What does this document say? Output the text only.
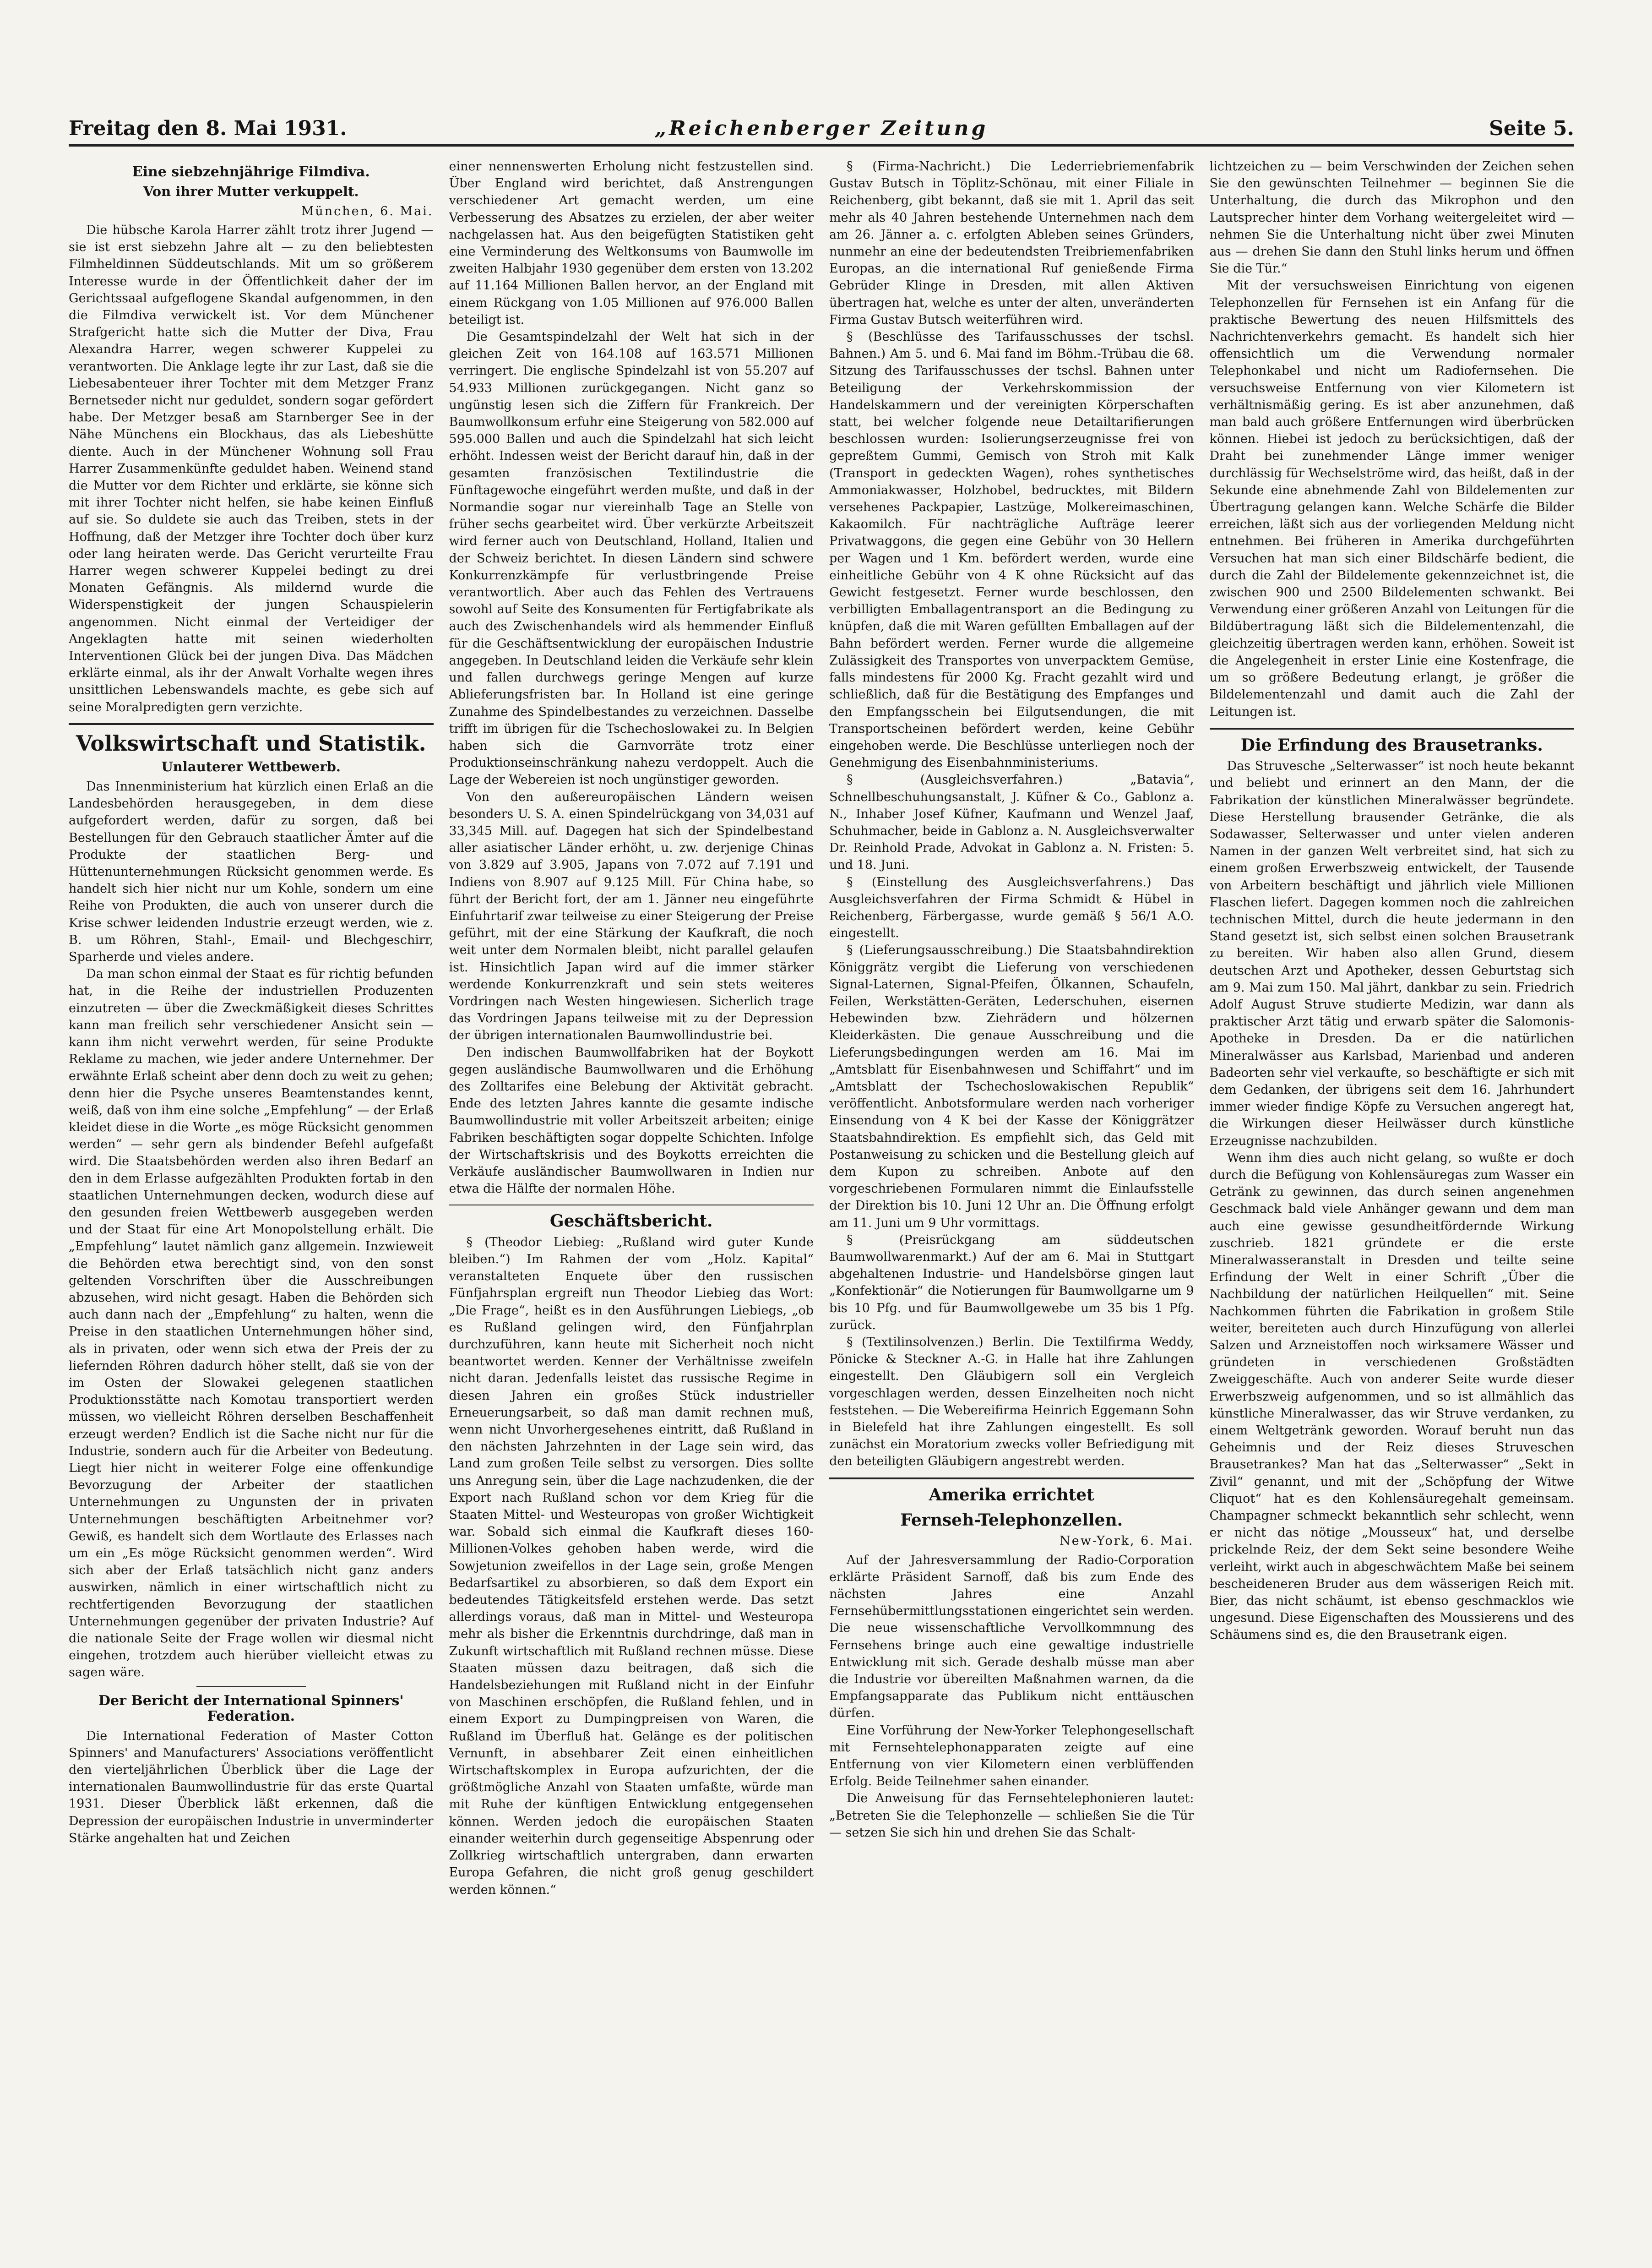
Freitag den 8. Mai 1931.	„Reichenberger Zeitung	Seite 5.
Eine siebzehnjährige Filmdiva.
Von ihrer Mutter verkuppelt.
München, 6. Mai.

Die hübsche Karola Harrer zählt trotz ihrer Jugend — sie ist erst siebzehn Jahre alt — zu den beliebtesten Filmheldinnen Süddeutschlands. Mit um so größerem Interesse wurde in der Öffentlichkeit daher der im Gerichtssaal aufgeflogene Skandal aufgenommen, in den die Filmdiva verwickelt ist. Vor dem Münchener Strafgericht hatte sich die Mutter der Diva, Frau Alexandra Harrer, wegen schwerer Kuppelei zu verantworten. Die Anklage legte ihr zur Last, daß sie die Liebesabenteuer ihrer Tochter mit dem Metzger Franz Bernetseder nicht nur geduldet, sondern sogar gefördert habe. Der Metzger besaß am Starnberger See in der Nähe Münchens ein Blockhaus, das als Liebeshütte diente. Auch in der Münchener Wohnung soll Frau Harrer Zusammenkünfte geduldet haben. Weinend stand die Mutter vor dem Richter und erklärte, sie könne sich mit ihrer Tochter nicht helfen, sie habe keinen Einfluß auf sie. So duldete sie auch das Treiben, stets in der Hoffnung, daß der Metzger ihre Tochter doch über kurz oder lang heiraten werde. Das Gericht verurteilte Frau Harrer wegen schwerer Kuppelei bedingt zu drei Monaten Gefängnis. Als mildernd wurde die Widerspenstigkeit der jungen Schauspielerin angenommen. Nicht einmal der Verteidiger der Angeklagten hatte mit seinen wiederholten Interventionen Glück bei der jungen Diva. Das Mädchen erklärte einmal, als ihr der Anwalt Vorhalte wegen ihres unsittlichen Lebenswandels machte, es gebe sich auf seine Moralpredigten gern verzichte.

Volkswirtschaft und Statistik.
Unlauterer Wettbewerb.

Das Innenministerium hat kürzlich einen Erlaß an die Landesbehörden herausgegeben, in dem diese aufgefordert werden, dafür zu sorgen, daß bei Bestellungen für den Gebrauch staatlicher Ämter auf die Produkte der staatlichen Berg- und Hüttenunternehmungen Rücksicht genommen werde. Es handelt sich hier nicht nur um Kohle, sondern um eine Reihe von Produkten, die auch von unserer durch die Krise schwer leidenden Industrie erzeugt werden, wie z. B. um Röhren, Stahl-, Email- und Blechgeschirr, Sparherde und vieles andere.

Da man schon einmal der Staat es für richtig befunden hat, in die Reihe der industriellen Produzenten einzutreten — über die Zweckmäßigkeit dieses Schrittes kann man freilich sehr verschiedener Ansicht sein — kann ihm nicht verwehrt werden, für seine Produkte Reklame zu machen, wie jeder andere Unternehmer. Der erwähnte Erlaß scheint aber denn doch zu weit zu gehen; denn hier die Psyche unseres Beamtenstandes kennt, weiß, daß von ihm eine solche „Empfehlung“ — der Erlaß kleidet diese in die Worte „es möge Rücksicht genommen werden“ — sehr gern als bindender Befehl aufgefaßt wird. Die Staatsbehörden werden also ihren Bedarf an den in dem Erlasse aufgezählten Produkten fortab in den staatlichen Unternehmungen decken, wodurch diese auf den gesunden freien Wettbewerb ausgegeben werden und der Staat für eine Art Monopolstellung erhält. Die „Empfehlung“ lautet nämlich ganz allgemein. Inzwieweit die Behörden etwa berechtigt sind, von den sonst geltenden Vorschriften über die Ausschreibungen abzusehen, wird nicht gesagt. Haben die Behörden sich auch dann nach der „Empfehlung“ zu halten, wenn die Preise in den staatlichen Unternehmungen höher sind, als in privaten, oder wenn sich etwa der Preis der zu liefernden Röhren dadurch höher stellt, daß sie von der im Osten der Slowakei gelegenen staatlichen Produktionsstätte nach Komotau transportiert werden müssen, wo vielleicht Röhren derselben Beschaffenheit erzeugt werden? Endlich ist die Sache nicht nur für die Industrie, sondern auch für die Arbeiter von Bedeutung. Liegt hier nicht in weiterer Folge eine offenkundige Bevorzugung der Arbeiter der staatlichen Unternehmungen zu Ungunsten der in privaten Unternehmungen beschäftigten Arbeitnehmer vor? Gewiß, es handelt sich dem Wortlaute des Erlasses nach um ein „Es möge Rücksicht genommen werden“. Wird sich aber der Erlaß tatsächlich nicht ganz anders auswirken, nämlich in einer wirtschaftlich nicht zu rechtfertigenden Bevorzugung der staatlichen Unternehmungen gegenüber der privaten Industrie? Auf die nationale Seite der Frage wollen wir diesmal nicht eingehen, trotzdem auch hierüber vielleicht etwas zu sagen wäre.

Der Bericht der International Spinners' Federation.

Die International Federation of Master Cotton Spinners' and Manufacturers' Associations veröffentlicht den vierteljährlichen Überblick über die Lage der internationalen Baumwollindustrie für das erste Quartal 1931. Dieser Überblick läßt erkennen, daß die Depression der europäischen Industrie in unverminderter Stärke angehalten hat und Zeichen

einer nennenswerten Erholung nicht festzustellen sind. Über England wird berichtet, daß Anstrengungen verschiedener Art gemacht werden, um eine Verbesserung des Absatzes zu erzielen, der aber weiter nachgelassen hat. Aus den beigefügten Statistiken geht eine Verminderung des Weltkonsums von Baumwolle im zweiten Halbjahr 1930 gegenüber dem ersten von 13.202 auf 11.164 Millionen Ballen hervor, an der England mit einem Rückgang von 1.05 Millionen auf 976.000 Ballen beteiligt ist.

Die Gesamtspindelzahl der Welt hat sich in der gleichen Zeit von 164.108 auf 163.571 Millionen verringert. Die englische Spindelzahl ist von 55.207 auf 54.933 Millionen zurückgegangen. Nicht ganz so ungünstig lesen sich die Ziffern für Frankreich. Der Baumwollkonsum erfuhr eine Steigerung von 582.000 auf 595.000 Ballen und auch die Spindelzahl hat sich leicht erhöht. Indessen weist der Bericht darauf hin, daß in der gesamten französischen Textilindustrie die Fünftagewoche eingeführt werden mußte, und daß in der Normandie sogar nur viereinhalb Tage an Stelle von früher sechs gearbeitet wird. Über verkürzte Arbeitszeit wird ferner auch von Deutschland, Holland, Italien und der Schweiz berichtet. In diesen Ländern sind schwere Konkurrenzkämpfe für verlustbringende Preise verantwortlich. Aber auch das Fehlen des Vertrauens sowohl auf Seite des Konsumenten für Fertigfabrikate als auch des Zwischenhandels wird als hemmender Einfluß für die Geschäftsentwicklung der europäischen Industrie angegeben. In Deutschland leiden die Verkäufe sehr klein und fallen durchwegs geringe Mengen auf kurze Ablieferungsfristen bar. In Holland ist eine geringe Zunahme des Spindelbestandes zu verzeichnen. Dasselbe trifft im übrigen für die Tschechoslowakei zu. In Belgien haben sich die Garnvorräte trotz einer Produktionseinschränkung nahezu verdoppelt. Auch die Lage der Webereien ist noch ungünstiger geworden.

Von den außereuropäischen Ländern weisen besonders U. S. A. einen Spindelrückgang von 34,031 auf 33,345 Mill. auf. Dagegen hat sich der Spindelbestand aller asiatischer Länder erhöht, u. zw. derjenige Chinas von 3.829 auf 3.905, Japans von 7.072 auf 7.191 und Indiens von 8.907 auf 9.125 Mill. Für China habe, so führt der Bericht fort, der am 1. Jänner neu eingeführte Einfuhrtarif zwar teilweise zu einer Steigerung der Preise geführt, mit der eine Stärkung der Kaufkraft, die noch weit unter dem Normalen bleibt, nicht parallel gelaufen ist. Hinsichtlich Japan wird auf die immer stärker werdende Konkurrenzkraft und sein stets weiteres Vordringen nach Westen hingewiesen. Sicherlich trage das Vordringen Japans teilweise mit zu der Depression der übrigen internationalen Baumwollindustrie bei.

Den indischen Baumwollfabriken hat der Boykott gegen ausländische Baumwollwaren und die Erhöhung des Zolltarifes eine Belebung der Aktivität gebracht. Ende des letzten Jahres kannte die gesamte indische Baumwollindustrie mit voller Arbeitszeit arbeiten; einige Fabriken beschäftigten sogar doppelte Schichten. Infolge der Wirtschaftskrisis und des Boykotts erreichten die Verkäufe ausländischer Baumwollwaren in Indien nur etwa die Hälfte der normalen Höhe.

Geschäftsbericht.

§ (Theodor Liebieg: „Rußland wird guter Kunde bleiben.“) Im Rahmen der vom „Holz. Kapital“ veranstalteten Enquete über den russischen Fünfjahrsplan ergreift nun Theodor Liebieg das Wort: „Die Frage“, heißt es in den Ausführungen Liebiegs, „ob es Rußland gelingen wird, den Fünfjahrplan durchzuführen, kann heute mit Sicherheit noch nicht beantwortet werden. Kenner der Verhältnisse zweifeln nicht daran. Jedenfalls leistet das russische Regime in diesen Jahren ein großes Stück industrieller Erneuerungsarbeit, so daß man damit rechnen muß, wenn nicht Unvorhergesehenes eintritt, daß Rußland in den nächsten Jahrzehnten in der Lage sein wird, das Land zum großen Teile selbst zu versorgen. Dies sollte uns Anregung sein, über die Lage nachzudenken, die der Export nach Rußland schon vor dem Krieg für die Staaten Mittel- und Westeuropas von großer Wichtigkeit war. Sobald sich einmal die Kaufkraft dieses 160-Millionen-Volkes gehoben haben werde, wird die Sowjetunion zweifellos in der Lage sein, große Mengen Bedarfsartikel zu absorbieren, so daß dem Export ein bedeutendes Tätigkeitsfeld erstehen werde. Das setzt allerdings voraus, daß man in Mittel- und Westeuropa mehr als bisher die Erkenntnis durchdringe, daß man in Zukunft wirtschaftlich mit Rußland rechnen müsse. Diese Staaten müssen dazu beitragen, daß sich die Handelsbeziehungen mit Rußland nicht in der Einfuhr von Maschinen erschöpfen, die Rußland fehlen, und in einem Export zu Dumpingpreisen von Waren, die Rußland im Überfluß hat. Gelänge es der politischen Vernunft, in absehbarer Zeit einen einheitlichen Wirtschaftskomplex in Europa aufzurichten, der die größtmögliche Anzahl von Staaten umfaßte, würde man mit Ruhe der künftigen Entwicklung entgegensehen können. Werden jedoch die europäischen Staaten einander weiterhin durch gegenseitige Abspenrung oder Zollkrieg wirtschaftlich untergraben, dann erwarten Europa Gefahren, die nicht groß genug geschildert werden können.“

§ (Firma-Nachricht.) Die Lederriebriemenfabrik Gustav Butsch in Töplitz-Schönau, mit einer Filiale in Reichenberg, gibt bekannt, daß sie mit 1. April das seit mehr als 40 Jahren bestehende Unternehmen nach dem am 26. Jänner a. c. erfolgten Ableben seines Gründers, nunmehr an eine der bedeutendsten Treibriemenfabriken Europas, an die international Ruf genießende Firma Gebrüder Klinge in Dresden, mit allen Aktiven übertragen hat, welche es unter der alten, unveränderten Firma Gustav Butsch weiterführen wird.

§ (Beschlüsse des Tarifausschusses der tschsl. Bahnen.) Am 5. und 6. Mai fand im Böhm.-Trübau die 68. Sitzung des Tarifausschusses der tschsl. Bahnen unter Beteiligung der Verkehrskommission der Handelskammern und der vereinigten Körperschaften statt, bei welcher folgende neue Detailtarifierungen beschlossen wurden: Isolierungserzeugnisse frei von gepreßtem Gummi, Gemisch von Stroh mit Kalk (Transport in gedeckten Wagen), rohes synthetisches Ammoniakwasser, Holzhobel, bedrucktes, mit Bildern versehenes Packpapier, Lastzüge, Molkereimaschinen, Kakaomilch. Für nachträgliche Aufträge leerer Privatwaggons, die gegen eine Gebühr von 30 Hellern per Wagen und 1 Km. befördert werden, wurde eine einheitliche Gebühr von 4 K ohne Rücksicht auf das Gewicht festgesetzt. Ferner wurde beschlossen, den verbilligten Emballagentransport an die Bedingung zu knüpfen, daß die mit Waren gefüllten Emballagen auf der Bahn befördert werden. Ferner wurde die allgemeine Zulässigkeit des Transportes von unverpacktem Gemüse, falls mindestens für 2000 Kg. Fracht gezahlt wird und schließlich, daß für die Bestätigung des Empfanges und den Empfangsschein bei Eilgutsendungen, die mit Transportscheinen befördert werden, keine Gebühr eingehoben werde. Die Beschlüsse unterliegen noch der Genehmigung des Eisenbahnministeriums.

§ (Ausgleichsverfahren.) „Batavia“, Schnellbeschuhungsanstalt, J. Küfner & Co., Gablonz a. N., Inhaber Josef Küfner, Kaufmann und Wenzel Jaaf, Schuhmacher, beide in Gablonz a. N. Ausgleichsverwalter Dr. Reinhold Prade, Advokat in Gablonz a. N. Fristen: 5. und 18. Juni.

§ (Einstellung des Ausgleichsverfahrens.) Das Ausgleichsverfahren der Firma Schmidt & Hübel in Reichenberg, Färbergasse, wurde gemäß § 56/1 A.O. eingestellt.

§ (Lieferungsausschreibung.) Die Staatsbahndirektion Königgrätz vergibt die Lieferung von verschiedenen Signal-Laternen, Signal-Pfeifen, Ölkannen, Schaufeln, Feilen, Werkstätten-Geräten, Lederschuhen, eisernen Hebewinden bzw. Ziehrädern und hölzernen Kleiderkästen. Die genaue Ausschreibung und die Lieferungsbedingungen werden am 16. Mai im „Amtsblatt für Eisenbahnwesen und Schiffahrt“ und im „Amtsblatt der Tschechoslowakischen Republik“ veröffentlicht. Anbotsformulare werden nach vorheriger Einsendung von 4 K bei der Kasse der Königgrätzer Staatsbahndirektion. Es empfiehlt sich, das Geld mit Postanweisung zu schicken und die Bestellung gleich auf dem Kupon zu schreiben. Anbote auf den vorgeschriebenen Formularen nimmt die Einlaufsstelle der Direktion bis 10. Juni 12 Uhr an. Die Öffnung erfolgt am 11. Juni um 9 Uhr vormittags.

§ (Preisrückgang am süddeutschen Baumwollwarenmarkt.) Auf der am 6. Mai in Stuttgart abgehaltenen Industrie- und Handelsbörse gingen laut „Konfektionär“ die Notierungen für Baumwollgarne um 9 bis 10 Pfg. und für Baumwollgewebe um 35 bis 1 Pfg. zurück.

§ (Textilinsolvenzen.) Berlin. Die Textilfirma Weddy, Pönicke & Steckner A.-G. in Halle hat ihre Zahlungen eingestellt. Den Gläubigern soll ein Vergleich vorgeschlagen werden, dessen Einzelheiten noch nicht feststehen. — Die Webereifirma Heinrich Eggemann Sohn in Bielefeld hat ihre Zahlungen eingestellt. Es soll zunächst ein Moratorium zwecks voller Befriedigung mit den beteiligten Gläubigern angestrebt werden.

Amerika errichtet
Fernseh-Telephonzellen.
New-York, 6. Mai.

Auf der Jahresversammlung der Radio-Corporation erklärte Präsident Sarnoff, daß bis zum Ende des nächsten Jahres eine Anzahl Fernsehübermittlungsstationen eingerichtet sein werden. Die neue wissenschaftliche Vervollkommnung des Fernsehens bringe auch eine gewaltige industrielle Entwicklung mit sich. Gerade deshalb müsse man aber die Industrie vor übereilten Maßnahmen warnen, da die Empfangsapparate das Publikum nicht enttäuschen dürfen.

Eine Vorführung der New-Yorker Telephongesellschaft mit Fernsehtelephonapparaten zeigte auf eine Entfernung von vier Kilometern einen verblüffenden Erfolg. Beide Teilnehmer sahen einander.

Die Anweisung für das Fernsehtelephonieren lautet: „Betreten Sie die Telephonzelle — schließen Sie die Tür — setzen Sie sich hin und drehen Sie das Schalt-

lichtzeichen zu — beim Verschwinden der Zeichen sehen Sie den gewünschten Teilnehmer — beginnen Sie die Unterhaltung, die durch das Mikrophon und den Lautsprecher hinter dem Vorhang weitergeleitet wird — nehmen Sie die Unterhaltung nicht über zwei Minuten aus — drehen Sie dann den Stuhl links herum und öffnen Sie die Tür.“

Mit der versuchsweisen Einrichtung von eigenen Telephonzellen für Fernsehen ist ein Anfang für die praktische Bewertung des neuen Hilfsmittels des Nachrichtenverkehrs gemacht. Es handelt sich hier offensichtlich um die Verwendung normaler Telephonkabel und nicht um Radiofernsehen. Die versuchsweise Entfernung von vier Kilometern ist verhältnismäßig gering. Es ist aber anzunehmen, daß man bald auch größere Entfernungen wird überbrücken können. Hiebei ist jedoch zu berücksichtigen, daß der Draht bei zunehmender Länge immer weniger durchlässig für Wechselströme wird, das heißt, daß in der Sekunde eine abnehmende Zahl von Bildelementen zur Übertragung gelangen kann. Welche Schärfe die Bilder erreichen, läßt sich aus der vorliegenden Meldung nicht entnehmen. Bei früheren in Amerika durchgeführten Versuchen hat man sich einer Bildschärfe bedient, die durch die Zahl der Bildelemente gekennzeichnet ist, die zwischen 900 und 2500 Bildelementen schwankt. Bei Verwendung einer größeren Anzahl von Leitungen für die Bildübertragung läßt sich die Bildelementenzahl, die gleichzeitig übertragen werden kann, erhöhen. Soweit ist die Angelegenheit in erster Linie eine Kostenfrage, die um so größere Bedeutung erlangt, je größer die Bildelementenzahl und damit auch die Zahl der Leitungen ist.

Die Erfindung des Brausetranks.

Das Struvesche „Selterwasser“ ist noch heute bekannt und beliebt und erinnert an den Mann, der die Fabrikation der künstlichen Mineralwässer begründete. Diese Herstellung brausender Getränke, die als Sodawasser, Selterwasser und unter vielen anderen Namen in der ganzen Welt verbreitet sind, hat sich zu einem großen Erwerbszweig entwickelt, der Tausende von Arbeitern beschäftigt und jährlich viele Millionen Flaschen liefert. Dagegen kommen noch die zahlreichen technischen Mittel, durch die heute jedermann in den Stand gesetzt ist, sich selbst einen solchen Brausetrank zu bereiten. Wir haben also allen Grund, diesem deutschen Arzt und Apotheker, dessen Geburtstag sich am 9. Mai zum 150. Mal jährt, dankbar zu sein. Friedrich Adolf August Struve studierte Medizin, war dann als praktischer Arzt tätig und erwarb später die Salomonis-Apotheke in Dresden. Da er die natürlichen Mineralwässer aus Karlsbad, Marienbad und anderen Badeorten sehr viel verkaufte, so beschäftigte er sich mit dem Gedanken, der übrigens seit dem 16. Jahrhundert immer wieder findige Köpfe zu Versuchen angeregt hat, die Wirkungen dieser Heilwässer durch künstliche Erzeugnisse nachzubilden.

Wenn ihm dies auch nicht gelang, so wußte er doch durch die Befügung von Kohlensäuregas zum Wasser ein Getränk zu gewinnen, das durch seinen angenehmen Geschmack bald viele Anhänger gewann und dem man auch eine gewisse gesundheitfördernde Wirkung zuschrieb. 1821 gründete er die erste Mineralwasseranstalt in Dresden und teilte seine Erfindung der Welt in einer Schrift „Über die Nachbildung der natürlichen Heilquellen“ mit. Seine Nachkommen führten die Fabrikation in großem Stile weiter, bereiteten auch durch Hinzufügung von allerlei Salzen und Arzneistoffen noch wirksamere Wässer und gründeten in verschiedenen Großstädten Zweiggeschäfte. Auch von anderer Seite wurde dieser Erwerbszweig aufgenommen, und so ist allmählich das künstliche Mineralwasser, das wir Struve verdanken, zu einem Weltgetränk geworden. Worauf beruht nun das Geheimnis und der Reiz dieses Struveschen Brausetrankes? Man hat das „Selterwasser“ „Sekt in Zivil“ genannt, und mit der „Schöpfung der Witwe Cliquot“ hat es den Kohlensäuregehalt gemeinsam. Champagner schmeckt bekanntlich sehr schlecht, wenn er nicht das nötige „Mousseux“ hat, und derselbe prickelnde Reiz, der dem Sekt seine besondere Weihe verleiht, wirkt auch in abgeschwächtem Maße bei seinem bescheideneren Bruder aus dem wässerigen Reich mit. Bier, das nicht schäumt, ist ebenso geschmacklos wie ungesund. Diese Eigenschaften des Moussierens und des Schäumens sind es, die den Brausetrank eigen.
